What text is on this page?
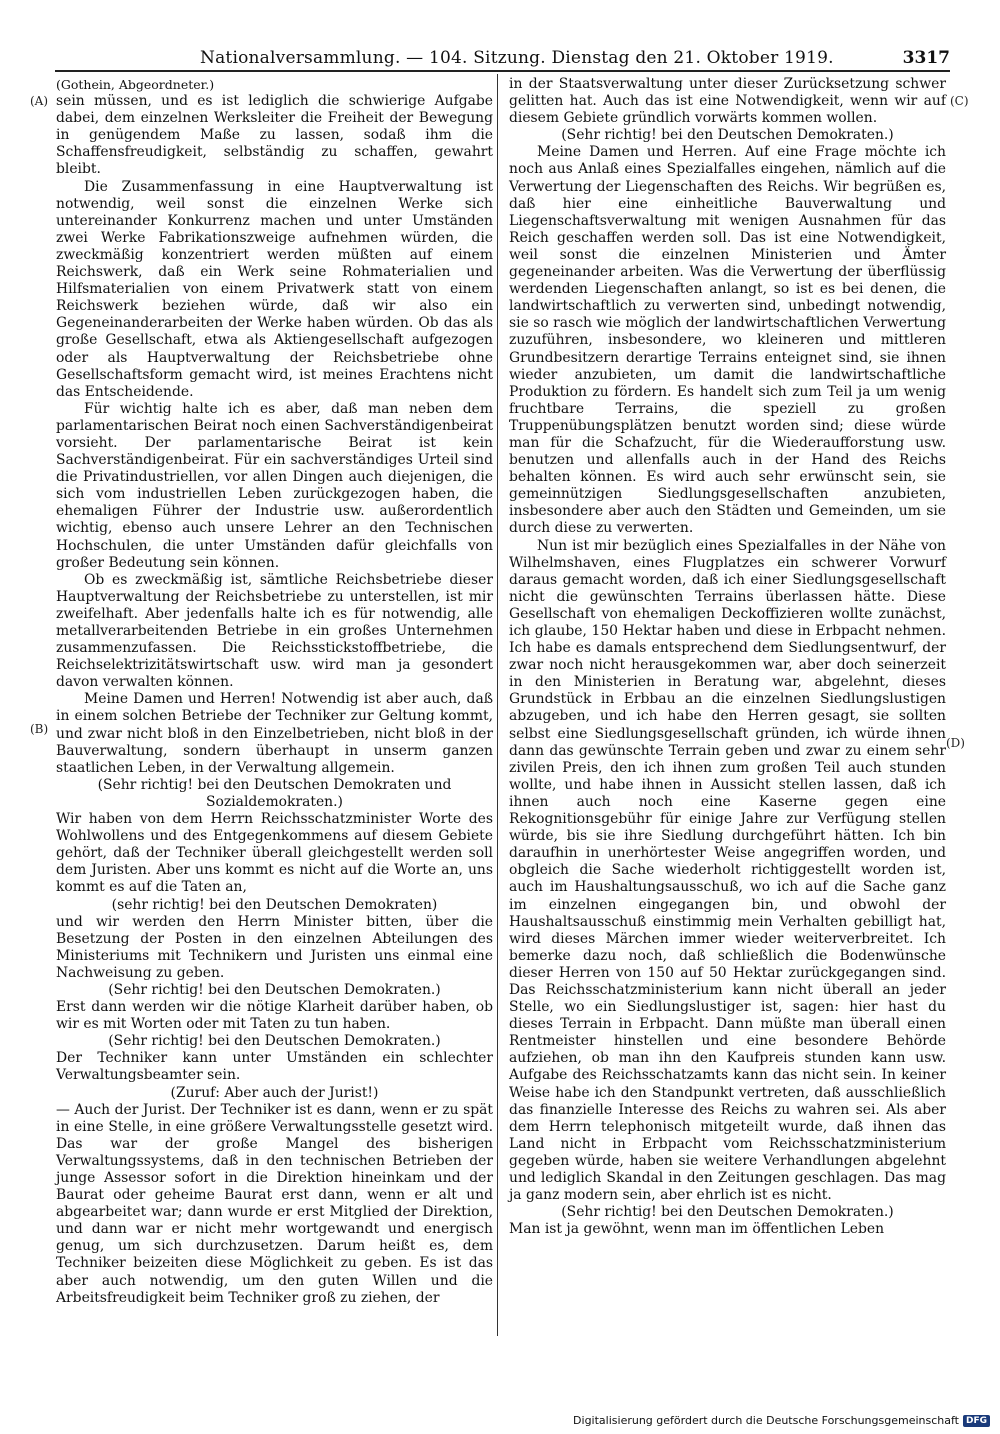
Nationalversammlung. — 104. Sitzung. Dienstag den 21. Oktober 1919.	3317
(A)
(B)
(C)
(D)

(Gothein, Abgeordneter.)

sein müssen, und es ist lediglich die schwierige Aufgabe dabei, dem einzelnen Werksleiter die Freiheit der Bewegung in genügendem Maße zu lassen, sodaß ihm die Schaffensfreudigkeit, selbständig zu schaffen, gewahrt bleibt.

Die Zusammenfassung in eine Hauptverwaltung ist notwendig, weil sonst die einzelnen Werke sich untereinander Konkurrenz machen und unter Umständen zwei Werke Fabrikationszweige aufnehmen würden, die zweckmäßig konzentriert werden müßten auf einem Reichswerk, daß ein Werk seine Rohmaterialien und Hilfsmaterialien von einem Privatwerk statt von einem Reichswerk beziehen würde, daß wir also ein Gegeneinanderarbeiten der Werke haben würden. Ob das als große Gesellschaft, etwa als Aktiengesellschaft aufgezogen oder als Hauptverwaltung der Reichsbetriebe ohne Gesellschaftsform gemacht wird, ist meines Erachtens nicht das Entscheidende.

Für wichtig halte ich es aber, daß man neben dem parlamentarischen Beirat noch einen Sachverständigenbeirat vorsieht. Der parlamentarische Beirat ist kein Sachverständigenbeirat. Für ein sachverständiges Urteil sind die Privatindustriellen, vor allen Dingen auch diejenigen, die sich vom industriellen Leben zurückgezogen haben, die ehemaligen Führer der Industrie usw. außerordentlich wichtig, ebenso auch unsere Lehrer an den Technischen Hochschulen, die unter Umständen dafür gleichfalls von großer Bedeutung sein können.

Ob es zweckmäßig ist, sämtliche Reichsbetriebe dieser Hauptverwaltung der Reichsbetriebe zu unterstellen, ist mir zweifelhaft. Aber jedenfalls halte ich es für notwendig, alle metallverarbeitenden Betriebe in ein großes Unternehmen zusammenzufassen. Die Reichsstickstoffbetriebe, die Reichselektrizitätswirtschaft usw. wird man ja gesondert davon verwalten können.

Meine Damen und Herren! Notwendig ist aber auch, daß in einem solchen Betriebe der Techniker zur Geltung kommt, und zwar nicht bloß in den Einzelbetrieben, nicht bloß in der Bauverwaltung, sondern überhaupt in unserm ganzen staatlichen Leben, in der Verwaltung allgemein.

(Sehr richtig! bei den Deutschen Demokraten und Sozialdemokraten.)

Wir haben von dem Herrn Reichsschatzminister Worte des Wohlwollens und des Entgegenkommens auf diesem Gebiete gehört, daß der Techniker überall gleichgestellt werden soll dem Juristen. Aber uns kommt es nicht auf die Worte an, uns kommt es auf die Taten an,

(sehr richtig! bei den Deutschen Demokraten)

und wir werden den Herrn Minister bitten, über die Besetzung der Posten in den einzelnen Abteilungen des Ministeriums mit Technikern und Juristen uns einmal eine Nachweisung zu geben.

(Sehr richtig! bei den Deutschen Demokraten.)

Erst dann werden wir die nötige Klarheit darüber haben, ob wir es mit Worten oder mit Taten zu tun haben.

(Sehr richtig! bei den Deutschen Demokraten.)

Der Techniker kann unter Umständen ein schlechter Verwaltungsbeamter sein.

(Zuruf: Aber auch der Jurist!)

— Auch der Jurist. Der Techniker ist es dann, wenn er zu spät in eine Stelle, in eine größere Verwaltungsstelle gesetzt wird. Das war der große Mangel des bisherigen Verwaltungssystems, daß in den technischen Betrieben der junge Assessor sofort in die Direktion hineinkam und der Baurat oder geheime Baurat erst dann, wenn er alt und abgearbeitet war; dann wurde er erst Mitglied der Direktion, und dann war er nicht mehr wortgewandt und energisch genug, um sich durchzusetzen. Darum heißt es, dem Techniker beizeiten diese Möglichkeit zu geben. Es ist das aber auch notwendig, um den guten Willen und die Arbeitsfreudigkeit beim Techniker groß zu ziehen, der

in der Staatsverwaltung unter dieser Zurücksetzung schwer gelitten hat. Auch das ist eine Notwendigkeit, wenn wir auf diesem Gebiete gründlich vorwärts kommen wollen.

(Sehr richtig! bei den Deutschen Demokraten.)

Meine Damen und Herren. Auf eine Frage möchte ich noch aus Anlaß eines Spezialfalles eingehen, nämlich auf die Verwertung der Liegenschaften des Reichs. Wir begrüßen es, daß hier eine einheitliche Bauverwaltung und Liegenschaftsverwaltung mit wenigen Ausnahmen für das Reich geschaffen werden soll. Das ist eine Notwendigkeit, weil sonst die einzelnen Ministerien und Ämter gegeneinander arbeiten. Was die Verwertung der überflüssig werdenden Liegenschaften anlangt, so ist es bei denen, die landwirtschaftlich zu verwerten sind, unbedingt notwendig, sie so rasch wie möglich der landwirtschaftlichen Verwertung zuzuführen, insbesondere, wo kleineren und mittleren Grundbesitzern derartige Terrains enteignet sind, sie ihnen wieder anzubieten, um damit die landwirtschaftliche Produktion zu fördern. Es handelt sich zum Teil ja um wenig fruchtbare Terrains, die speziell zu großen Truppenübungsplätzen benutzt worden sind; diese würde man für die Schafzucht, für die Wiederaufforstung usw. benutzen und allenfalls auch in der Hand des Reichs behalten können. Es wird auch sehr erwünscht sein, sie gemeinnützigen Siedlungsgesellschaften anzubieten, insbesondere aber auch den Städten und Gemeinden, um sie durch diese zu verwerten.

Nun ist mir bezüglich eines Spezialfalles in der Nähe von Wilhelmshaven, eines Flugplatzes ein schwerer Vorwurf daraus gemacht worden, daß ich einer Siedlungsgesellschaft nicht die gewünschten Terrains überlassen hätte. Diese Gesellschaft von ehemaligen Deckoffizieren wollte zunächst, ich glaube, 150 Hektar haben und diese in Erbpacht nehmen. Ich habe es damals entsprechend dem Siedlungsentwurf, der zwar noch nicht herausgekommen war, aber doch seinerzeit in den Ministerien in Beratung war, abgelehnt, dieses Grundstück in Erbbau an die einzelnen Siedlungslustigen abzugeben, und ich habe den Herren gesagt, sie sollten selbst eine Siedlungsgesellschaft gründen, ich würde ihnen dann das gewünschte Terrain geben und zwar zu einem sehr zivilen Preis, den ich ihnen zum großen Teil auch stunden wollte, und habe ihnen in Aussicht stellen lassen, daß ich ihnen auch noch eine Kaserne gegen eine Rekognitionsgebühr für einige Jahre zur Verfügung stellen würde, bis sie ihre Siedlung durchgeführt hätten. Ich bin daraufhin in unerhörtester Weise angegriffen worden, und obgleich die Sache wiederholt richtiggestellt worden ist, auch im Haushaltungsausschuß, wo ich auf die Sache ganz im einzelnen eingegangen bin, und obwohl der Haushaltsausschuß einstimmig mein Verhalten gebilligt hat, wird dieses Märchen immer wieder weiterverbreitet. Ich bemerke dazu noch, daß schließlich die Bodenwünsche dieser Herren von 150 auf 50 Hektar zurückgegangen sind. Das Reichsschatzministerium kann nicht überall an jeder Stelle, wo ein Siedlungslustiger ist, sagen: hier hast du dieses Terrain in Erbpacht. Dann müßte man überall einen Rentmeister hinstellen und eine besondere Behörde aufziehen, ob man ihn den Kaufpreis stunden kann usw. Aufgabe des Reichsschatzamts kann das nicht sein. In keiner Weise habe ich den Standpunkt vertreten, daß ausschließlich das finanzielle Interesse des Reichs zu wahren sei. Als aber dem Herrn telephonisch mitgeteilt wurde, daß ihnen das Land nicht in Erbpacht vom Reichsschatzministerium gegeben würde, haben sie weitere Verhandlungen abgelehnt und lediglich Skandal in den Zeitungen geschlagen. Das mag ja ganz modern sein, aber ehrlich ist es nicht.

(Sehr richtig! bei den Deutschen Demokraten.)

Man ist ja gewöhnt, wenn man im öffentlichen Leben

Digitalisierung gefördert durch die Deutsche Forschungsgemeinschaft DFG
